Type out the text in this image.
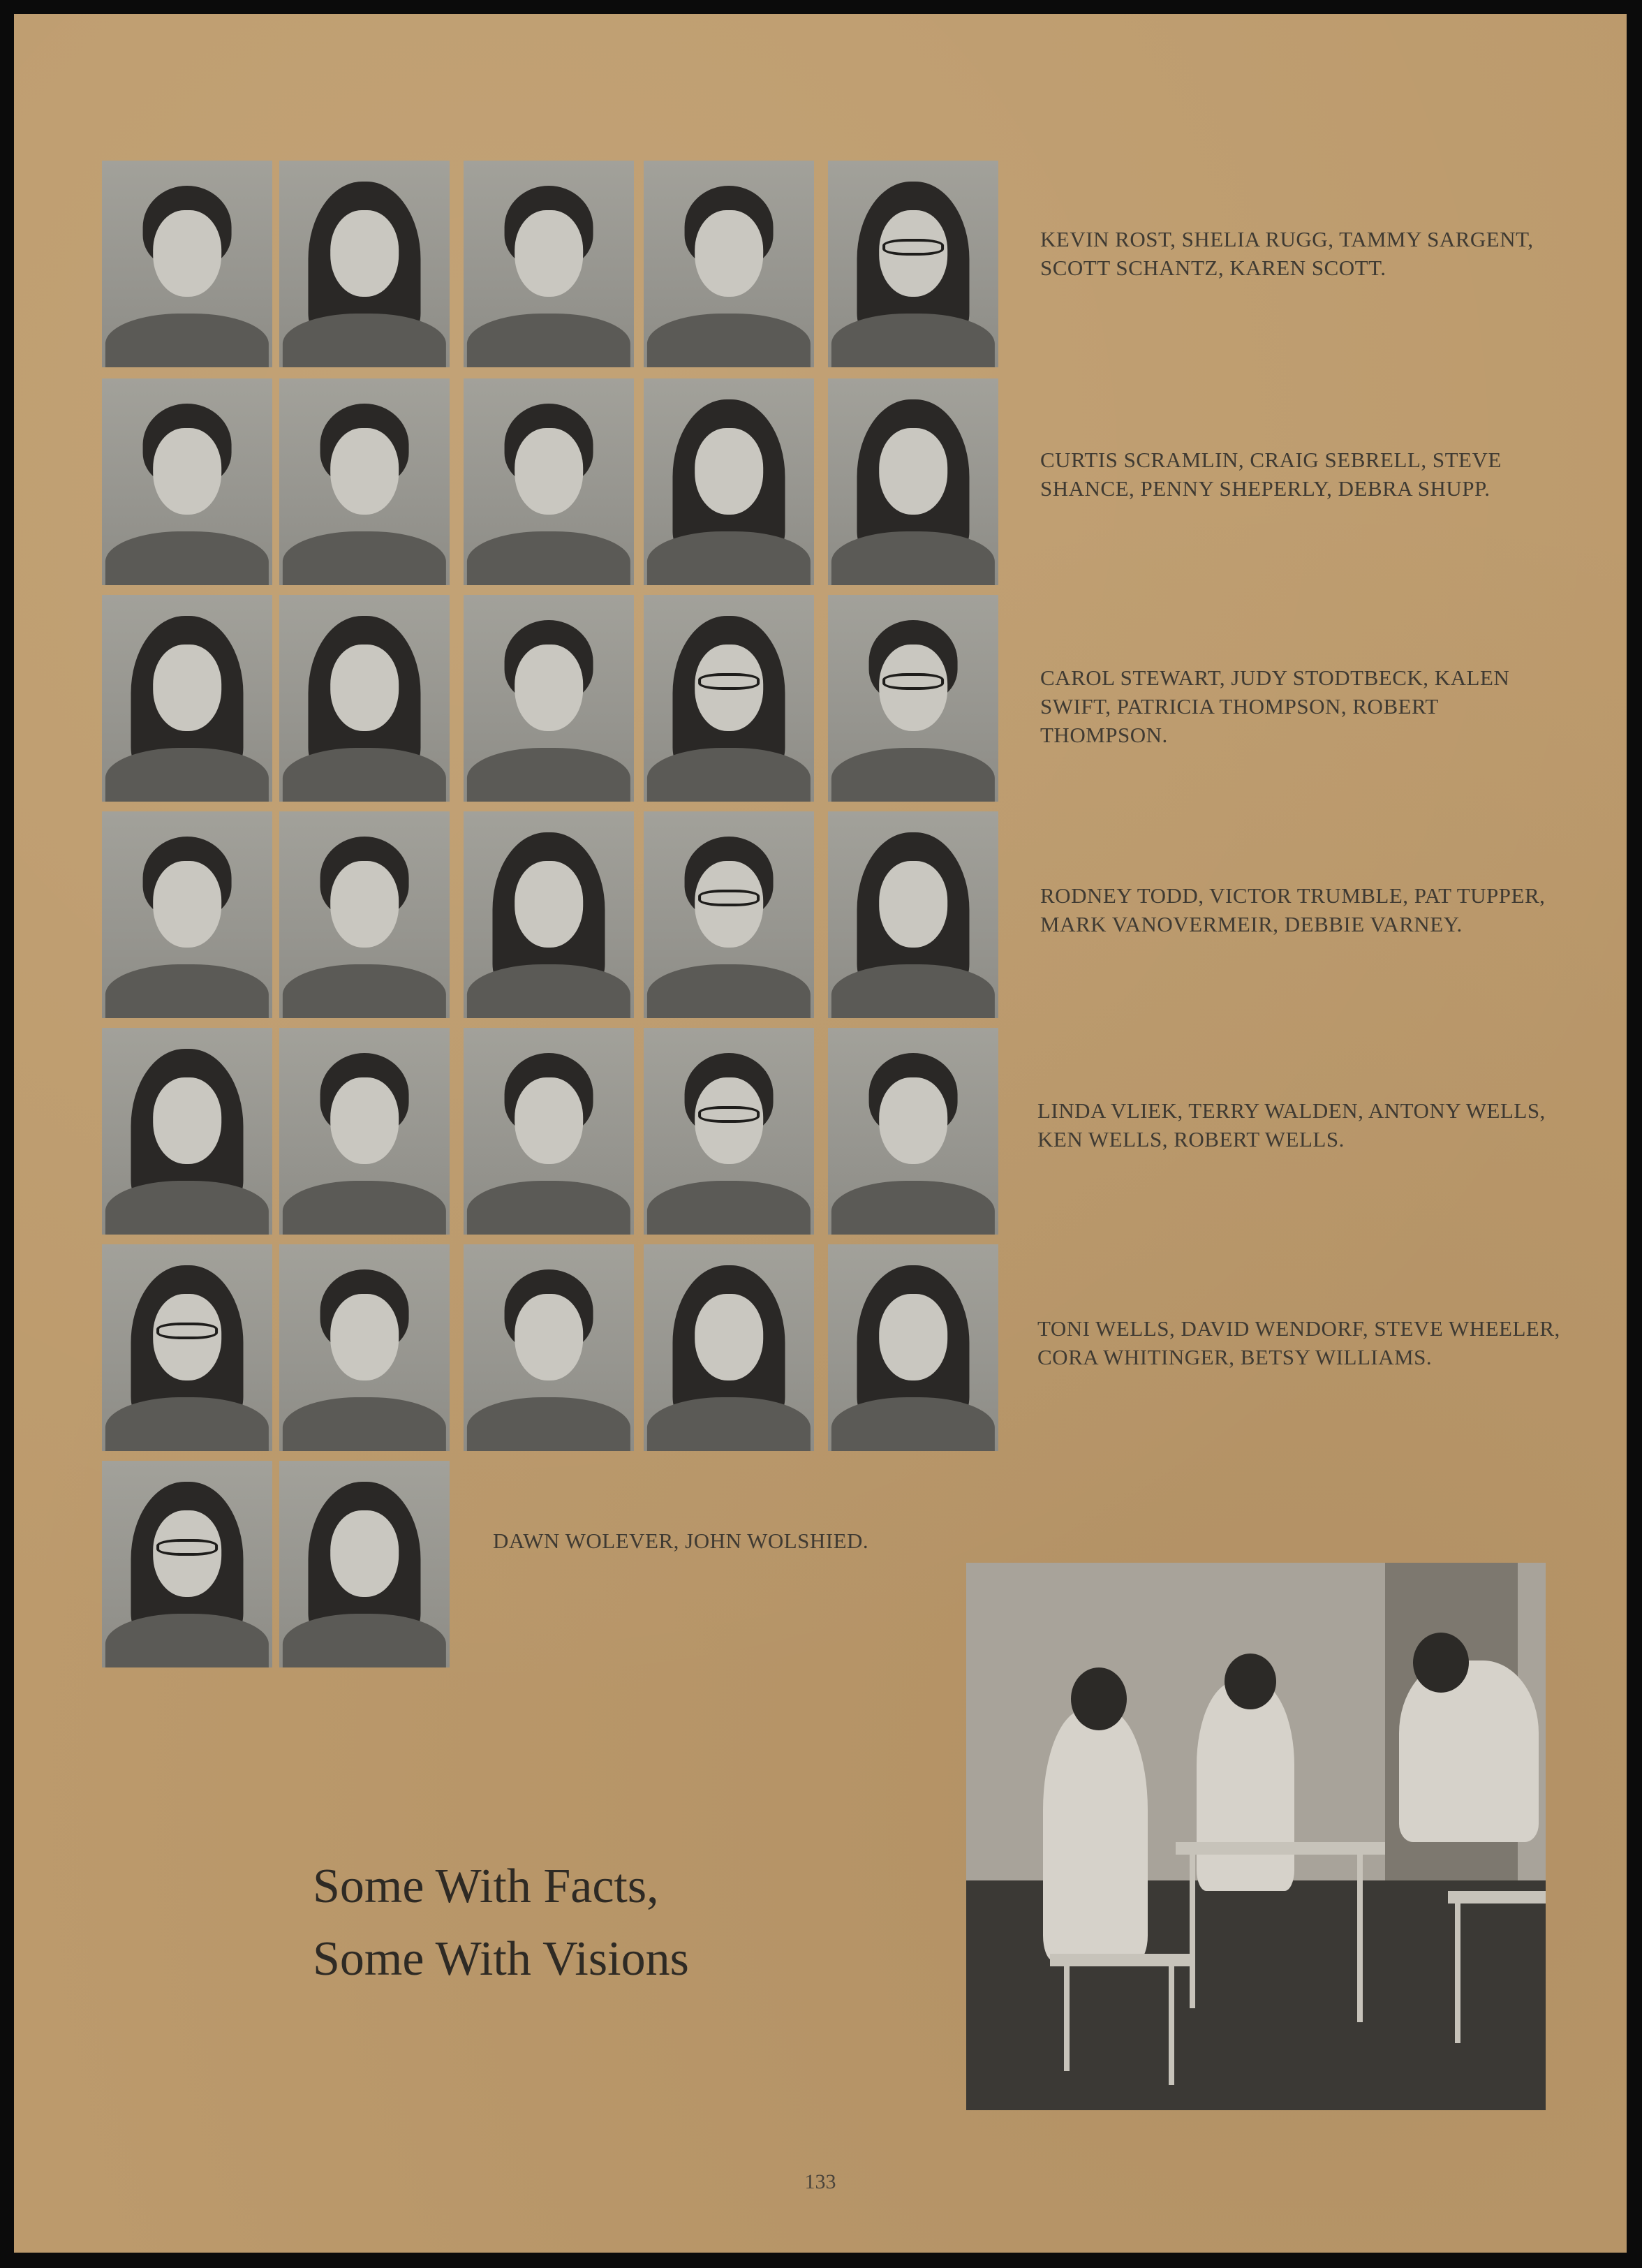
KEVIN ROST, SHELIA RUGG, TAMMY SARGENT, SCOTT SCHANTZ, KAREN SCOTT.
CURTIS SCRAMLIN, CRAIG SEBRELL, STEVE SHANCE, PENNY SHEPERLY, DEBRA SHUPP.
CAROL STEWART, JUDY STODTBECK, KALEN SWIFT, PATRICIA THOMPSON, ROBERT THOMPSON.
RODNEY TODD, VICTOR TRUMBLE, PAT TUPPER, MARK VANOVERMEIR, DEBBIE VARNEY.
LINDA VLIEK, TERRY WALDEN, ANTONY WELLS, KEN WELLS, ROBERT WELLS.
TONI WELLS, DAVID WENDORF, STEVE WHEELER, CORA WHITINGER, BETSY WILLIAMS.
DAWN WOLEVER, JOHN WOLSHIED.
Some With Facts,
Some With Visions
133
